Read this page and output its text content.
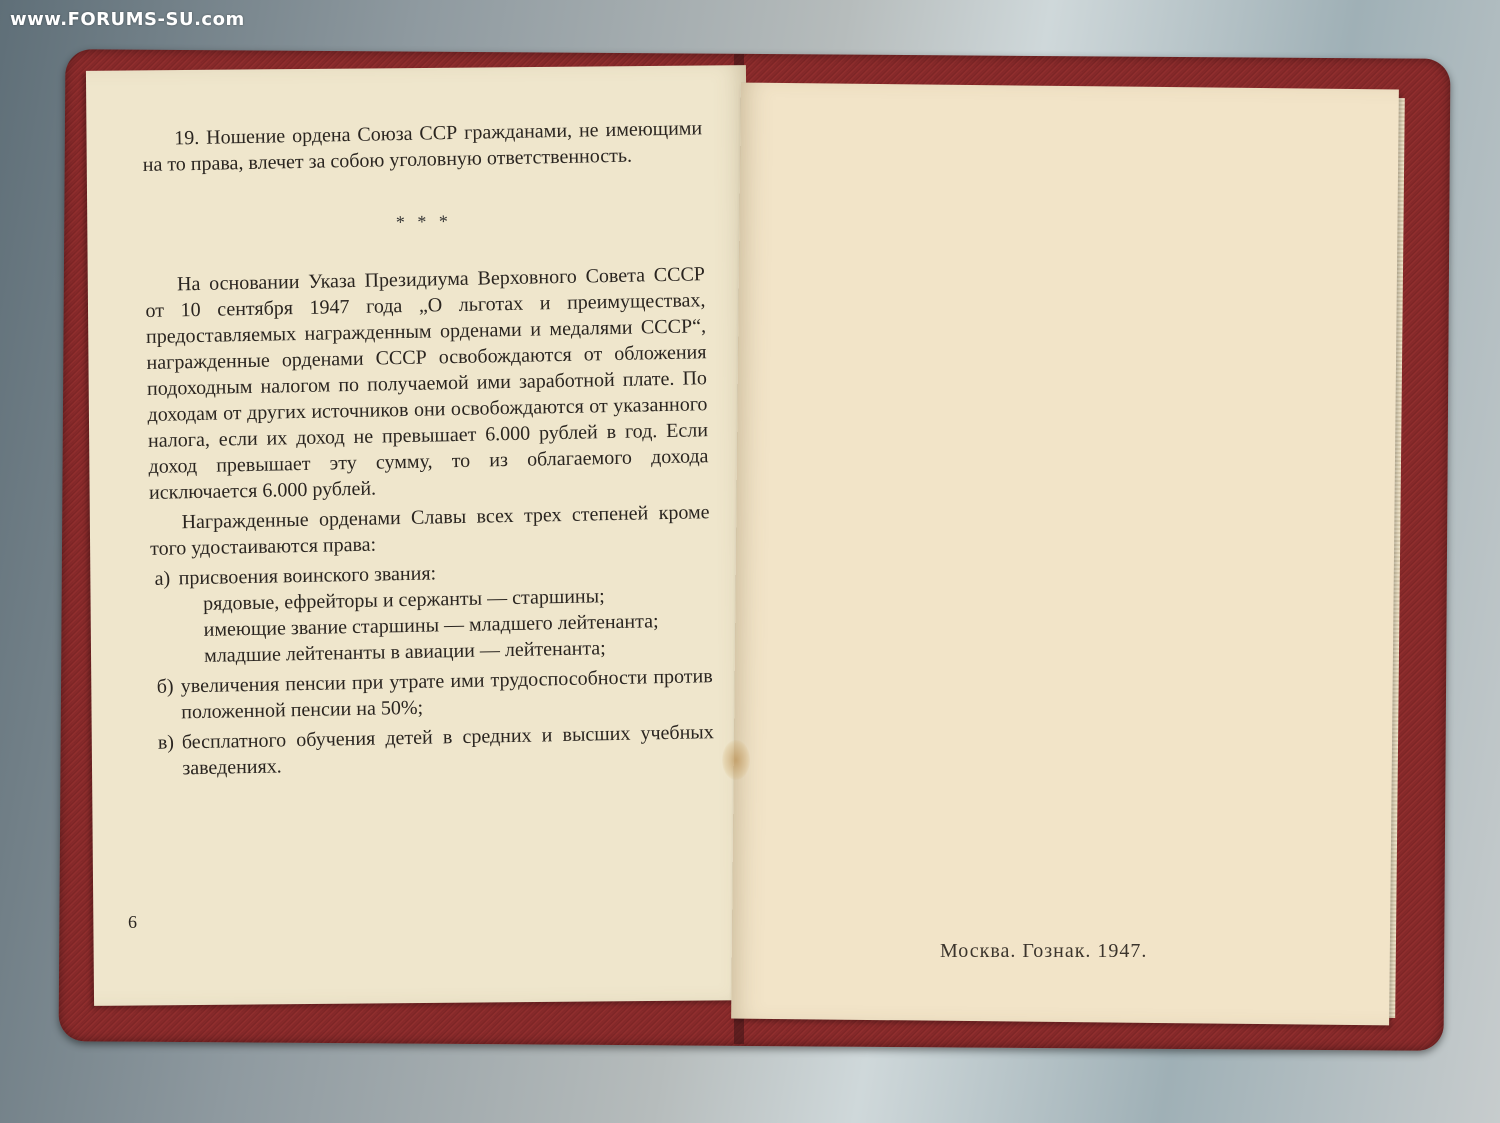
www.FORUMS-SU.com

19. Ношение ордена Союза ССР гражданами, не имеющими на то права, влечет за собою уголовную ответственность.

* * *

На основании Указа Президиума Верховного Совета СССР от 10 сентября 1947 года „О льготах и преимуществах, предоставляемых награжденным орденами и медалями СССР“, награжденные орденами СССР освобождаются от обложения подоходным налогом по получаемой ими заработной плате. По доходам от других источников они освобождаются от указанного налога, если их доход не превышает 6.000 рублей в год. Если доход превышает эту сумму, то из облагаемого дохода исключается 6.000 рублей.

Награжденные орденами Славы всех трех степеней кроме того удостаиваются права:

а) присвоения воинского звания:

рядовые, ефрейторы и сержанты — старшины;

имеющие звание старшины — младшего лейтенанта;

младшие лейтенанты в авиации — лейтенанта;

б) увеличения пенсии при утрате ими трудоспособности против положенной пенсии на 50%;
в) бесплатного обучения детей в средних и высших учебных заведениях.
6
Москва. Гознак. 1947.
